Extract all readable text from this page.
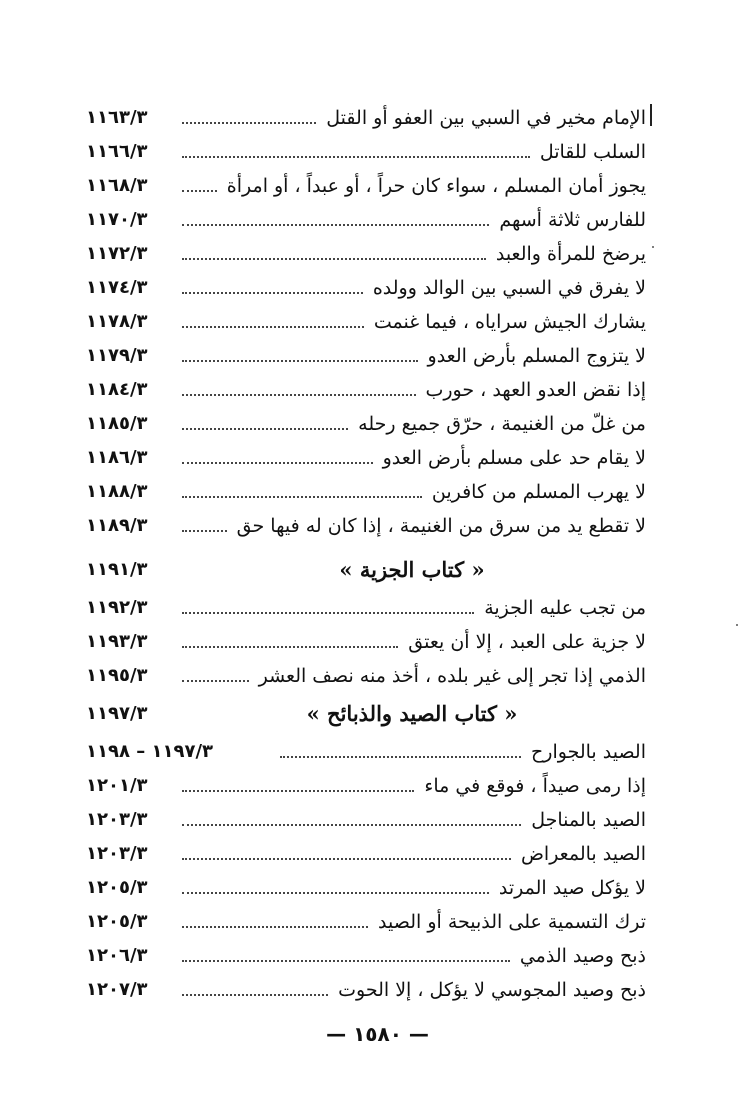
الإمام مخير في السبي بين العفو أو القتل
١١٦٣/٣
السلب للقاتل
١١٦٦/٣
يجوز أمان المسلم ، سواء كان حراً ، أو عبداً ، أو امرأة
١١٦٨/٣
للفارس ثلاثة أسهم
١١٧٠/٣
يرضخ للمرأة والعبد
١١٧٢/٣
لا يفرق في السبي بين الوالد وولده
١١٧٤/٣
يشارك الجيش سراياه ، فيما غنمت
١١٧٨/٣
لا يتزوج المسلم بأرض العدو
١١٧٩/٣
إذا نقض العدو العهد ، حورب
١١٨٤/٣
من غلّ من الغنيمة ، حرّق جميع رحله
١١٨٥/٣
لا يقام حد على مسلم بأرض العدو
١١٨٦/٣
لا يهرب المسلم من كافرين
١١٨٨/٣
لا تقطع يد من سرق من الغنيمة ، إذا كان له فيها حق
١١٨٩/٣
« كتاب الجزية »
١١٩١/٣
من تجب عليه الجزية
١١٩٢/٣
لا جزية على العبد ، إلا أن يعتق
١١٩٣/٣
الذمي إذا تجر إلى غير بلده ، أخذ منه نصف العشر
١١٩٥/٣
« كتاب الصيد والذبائح »
١١٩٧/٣
الصيد بالجوارح
١١٩٧/٣ – ١١٩٨
إذا رمى صيداً ، فوقع في ماء
١٢٠١/٣
الصيد بالمناجل
١٢٠٣/٣
الصيد بالمعراض
١٢٠٣/٣
لا يؤكل صيد المرتد
١٢٠٥/٣
ترك التسمية على الذبيحة أو الصيد
١٢٠٥/٣
ذبح وصيد الذمي
١٢٠٦/٣
ذبح وصيد المجوسي لا يؤكل ، إلا الحوت
١٢٠٧/٣
— ١٥٨٠ —
